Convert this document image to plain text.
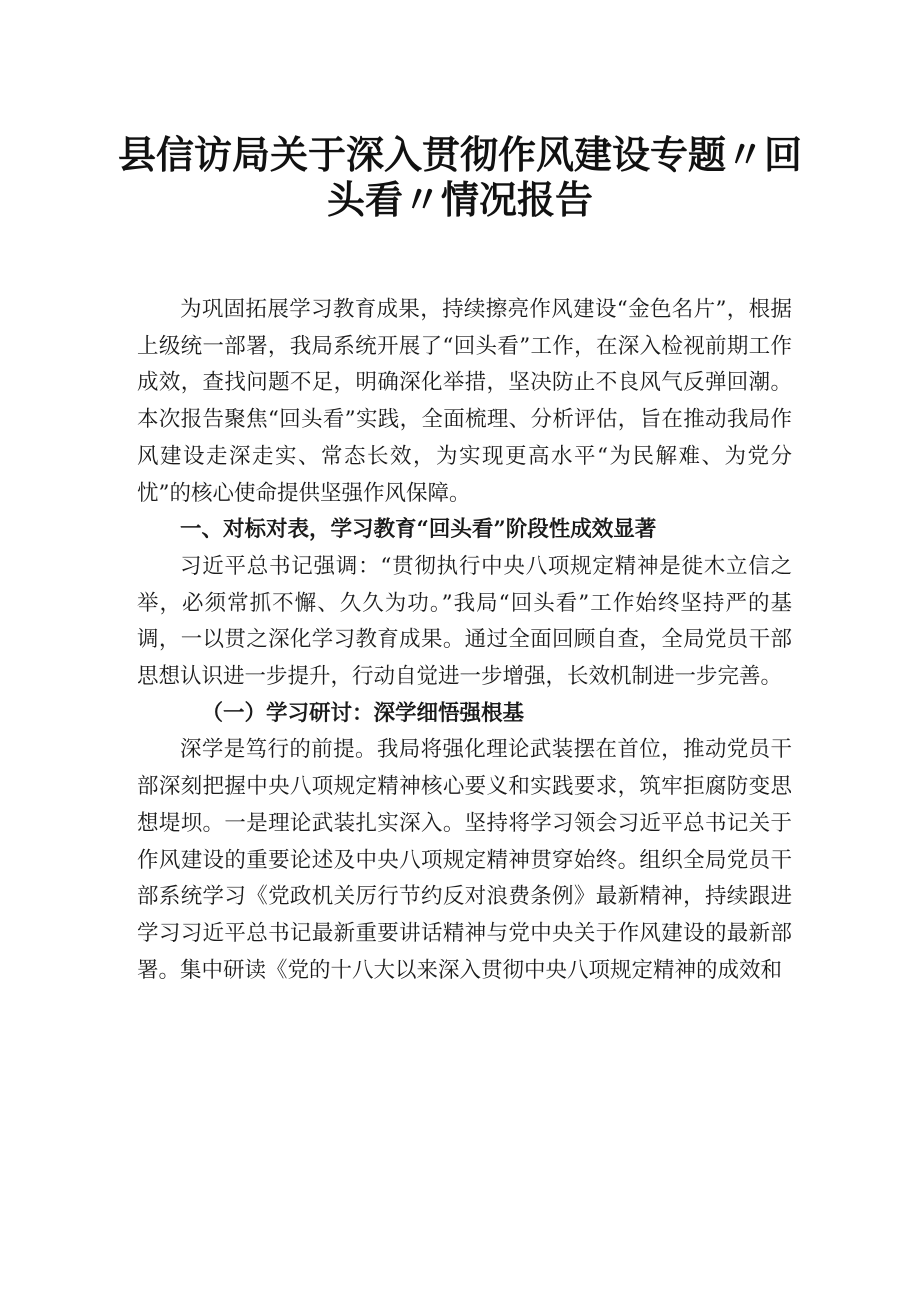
县信访局关于深入贯彻作风建设专题〃回
头看〃情况报告

为巩固拓展学习教育成果，持续擦亮作风建设“金色名片”，根据上级统一部署，我局系统开展了“回头看”工作，在深入检视前期工作成效，查找问题不足，明确深化举措，坚决防止不良风气反弹回潮。本次报告聚焦“回头看”实践，全面梳理、分析评估，旨在推动我局作风建设走深走实、常态长效，为实现更高水平“为民解难、为党分忧”的核心使命提供坚强作风保障。

一、对标对表，学习教育“回头看”阶段性成效显著

习近平总书记强调：“贯彻执行中央八项规定精神是徙木立信之举，必须常抓不懈、久久为功。”我局“回头看”工作始终坚持严的基调，一以贯之深化学习教育成果。通过全面回顾自查，全局党员干部思想认识进一步提升，行动自觉进一步增强，长效机制进一步完善。

（一）学习研讨：深学细悟强根基

深学是笃行的前提。我局将强化理论武装摆在首位，推动党员干部深刻把握中央八项规定精神核心要义和实践要求，筑牢拒腐防变思想堤坝。一是理论武装扎实深入。坚持将学习领会习近平总书记关于作风建设的重要论述及中央八项规定精神贯穿始终。组织全局党员干部系统学习《党政机关厉行节约反对浪费条例》最新精神，持续跟进学习习近平总书记最新重要讲话精神与党中央关于作风建设的最新部署。集中研读《党的十八大以来深入贯彻中央八项规定精神的成效和
